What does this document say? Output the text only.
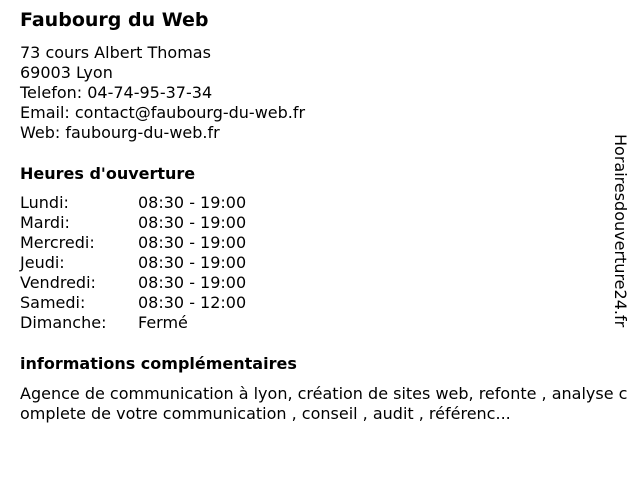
Faubourg du Web
73 cours Albert Thomas
69003 Lyon
Telefon: 04-74-95-37-34
Email: contact@faubourg-du-web.fr
Web: faubourg-du-web.fr
Heures d'ouverture
Lundi:	08:30 - 19:00
Mardi:	08:30 - 19:00
Mercredi:	08:30 - 19:00
Jeudi:	08:30 - 19:00
Vendredi:	08:30 - 19:00
Samedi:	08:30 - 12:00
Dimanche:	Fermé
informations complémentaires
Agence de communication à lyon, création de sites web, refonte , analyse complete de votre communication , conseil , audit , référenc...
Horairesdouverture24.fr
